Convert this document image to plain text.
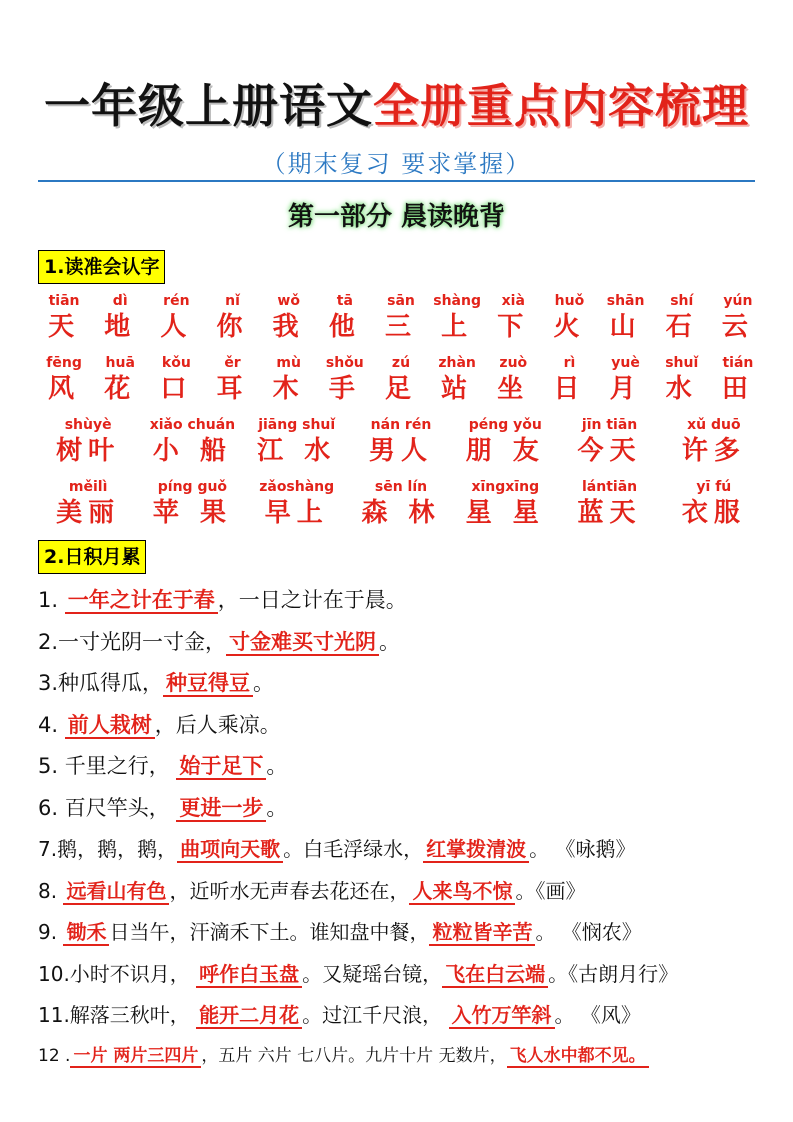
一年级上册语文全册重点内容梳理
（期末复习 要求掌握）
第一部分 晨读晚背
1.读准会认字
tiān
天
dì
地
rén
人
nǐ
你
wǒ
我
tā
他
sān
三
shàng
上
xià
下
huǒ
火
shān
山
shí
石
yún
云
fēng
风
huā
花
kǒu
口
ěr
耳
mù
木
shǒu
手
zú
足
zhàn
站
zuò
坐
rì
日
yuè
月
shuǐ
水
tián
田
shùyè
树叶
xiǎo chuán
小 船
jiāng shuǐ
江 水
nán rén
男人
péng yǒu
朋 友
jīn tiān
今天
xǔ duō
许多
měilì
美丽
píng guǒ
苹 果
zǎoshàng
早上
sēn lín
森 林
xīngxīng
星 星
lántiān
蓝天
yī fú
衣服
2.日积月累
1. 一年之计在于春 ，一日之计在于晨。
2.一寸光阴一寸金， 寸金难买寸光阴 。
3.种瓜得瓜， 种豆得豆 。
4. 前人栽树 ，后人乘凉。
5. 千里之行， 始于足下 。
6. 百尺竿头， 更进一步 。
7.鹅，鹅，鹅， 曲项向天歌 。白毛浮绿水， 红掌拨清波 。 《咏鹅》
8. 远看山有色 ，近听水无声春去花还在， 人来鸟不惊 。《画》
9. 锄禾 日当午，汗滴禾下土。谁知盘中餐， 粒粒皆辛苦 。 《悯农》
10.小时不识月， 呼作白玉盘 。又疑瑶台镜， 飞在白云端 。《古朗月行》
11.解落三秋叶， 能开二月花 。过江千尺浪， 入竹万竿斜 。 《风》
12 . 一片 两片三四片 ，五片 六片 七八片。九片十片 无数片， 飞人水中都不见。
